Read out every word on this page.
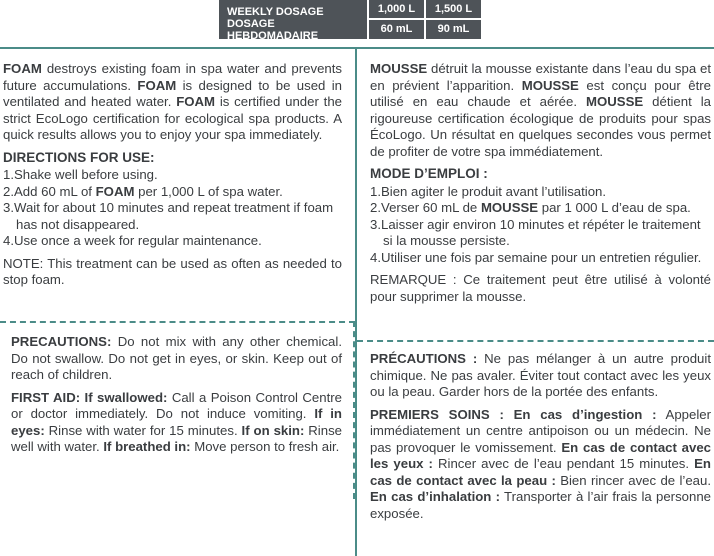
WEEKLY DOSAGE
DOSAGE HEBDOMADAIRE
1,000 L
60 mL
1,500 L
90 mL

FOAM destroys existing foam in spa water and prevents future accumulations. FOAM is designed to be used in ventilated and heated water. FOAM is certified under the strict EcoLogo certification for ecological spa products. A quick results allows you to enjoy your spa immediately.

DIRECTIONS FOR USE:
1.Shake well before using.
2.Add 60 mL of FOAM per 1,000 L of spa water.
3.Wait for about 10 minutes and repeat treatment if foam has not disappeared.
4.Use once a week for regular maintenance.

NOTE: This treatment can be used as often as needed to stop foam.

PRECAUTIONS: Do not mix with any other chemical. Do not swallow. Do not get in eyes, or skin. Keep out of reach of children.

FIRST AID: If swallowed: Call a Poison Control Centre or doctor immediately. Do not induce vomiting. If in eyes: Rinse with water for 15 minutes. If on skin: Rinse well with water. If breathed in: Move person to fresh air.

MOUSSE détruit la mousse existante dans l’eau du spa et en prévient l’apparition. MOUSSE est conçu pour être utilisé en eau chaude et aérée. MOUSSE détient la rigoureuse certification écologique de produits pour spas ÉcoLogo. Un résultat en quelques secondes vous permet de profiter de votre spa immédiatement.

MODE D’EMPLOI :
1.Bien agiter le produit avant l’utilisation.
2.Verser 60 mL de MOUSSE par 1 000 L d’eau de spa.
3.Laisser agir environ 10 minutes et répéter le traitement si la mousse persiste.
4.Utiliser une fois par semaine pour un entretien régulier.

REMARQUE : Ce traitement peut être utilisé à volonté pour supprimer la mousse.

PRÉCAUTIONS : Ne pas mélanger à un autre produit chimique. Ne pas avaler. Éviter tout contact avec les yeux ou la peau. Garder hors de la portée des enfants.

PREMIERS SOINS : En cas d’ingestion : Appeler immédiatement un centre antipoison ou un médecin. Ne pas provoquer le vomissement. En cas de contact avec les yeux : Rincer avec de l’eau pendant 15 minutes. En cas de contact avec la peau : Bien rincer avec de l’eau. En cas d’inhalation : Transporter à l’air frais la personne exposée.
